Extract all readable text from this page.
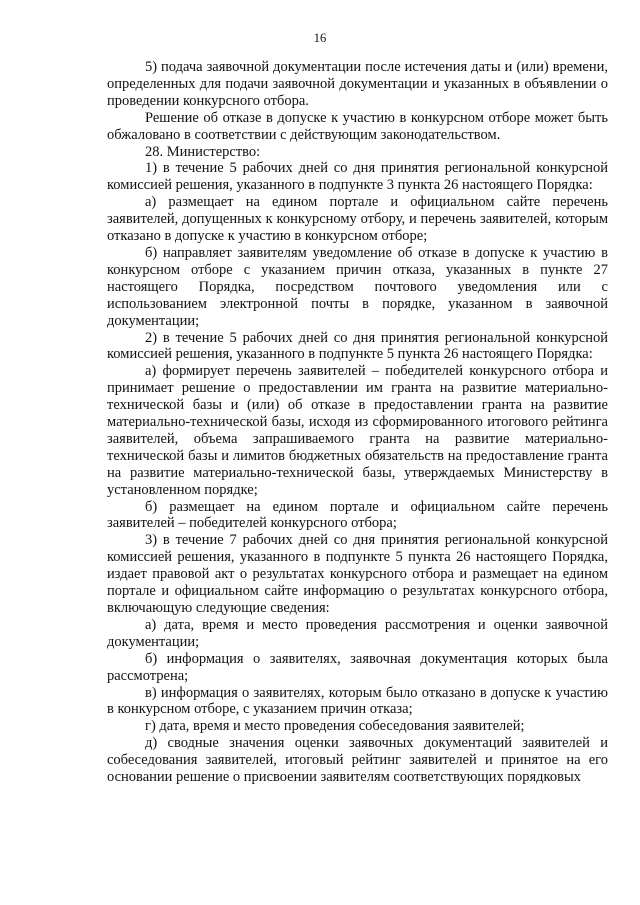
16

5) подача заявочной документации после истечения даты и (или) времени, определенных для подачи заявочной документации и указанных в объявлении о проведении конкурсного отбора.

Решение об отказе в допуске к участию в конкурсном отборе может быть обжаловано в соответствии с действующим законодательством.

28. Министерство:

1) в течение 5 рабочих дней со дня принятия региональной конкурсной комиссией решения, указанного в подпункте 3 пункта 26 настоящего Порядка:

а) размещает на едином портале и официальном сайте перечень заявителей, допущенных к конкурсному отбору, и перечень заявителей, которым отказано в допуске к участию в конкурсном отборе;

б) направляет заявителям уведомление об отказе в допуске к участию в конкурсном отборе с указанием причин отказа, указанных в пункте 27 настоящего Порядка, посредством почтового уведомления или с использованием электронной почты в порядке, указанном в заявочной документации;

2) в течение 5 рабочих дней со дня принятия региональной конкурсной комиссией решения, указанного в подпункте 5 пункта 26 настоящего Порядка:

а) формирует перечень заявителей – победителей конкурсного отбора и принимает решение о предоставлении им гранта на развитие материально-технической базы и (или) об отказе в предоставлении гранта на развитие материально-технической базы, исходя из сформированного итогового рейтинга заявителей, объема запрашиваемого гранта на развитие материально-технической базы и лимитов бюджетных обязательств на предоставление гранта на развитие материально-технической базы, утверждаемых Министерству в установленном порядке;

б) размещает на едином портале и официальном сайте перечень заявителей – победителей конкурсного отбора;

3) в течение 7 рабочих дней со дня принятия региональной конкурсной комиссией решения, указанного в подпункте 5 пункта 26 настоящего Порядка, издает правовой акт о результатах конкурсного отбора и размещает на едином портале и официальном сайте информацию о результатах конкурсного отбора, включающую следующие сведения:

а) дата, время и место проведения рассмотрения и оценки заявочной документации;

б) информация о заявителях, заявочная документация которых была рассмотрена;

в) информация о заявителях, которым было отказано в допуске к участию в конкурсном отборе, с указанием причин отказа;

г) дата, время и место проведения собеседования заявителей;

д) сводные значения оценки заявочных документаций заявителей и собеседования заявителей, итоговый рейтинг заявителей и принятое на его основании решение о присвоении заявителям соответствующих порядковых
